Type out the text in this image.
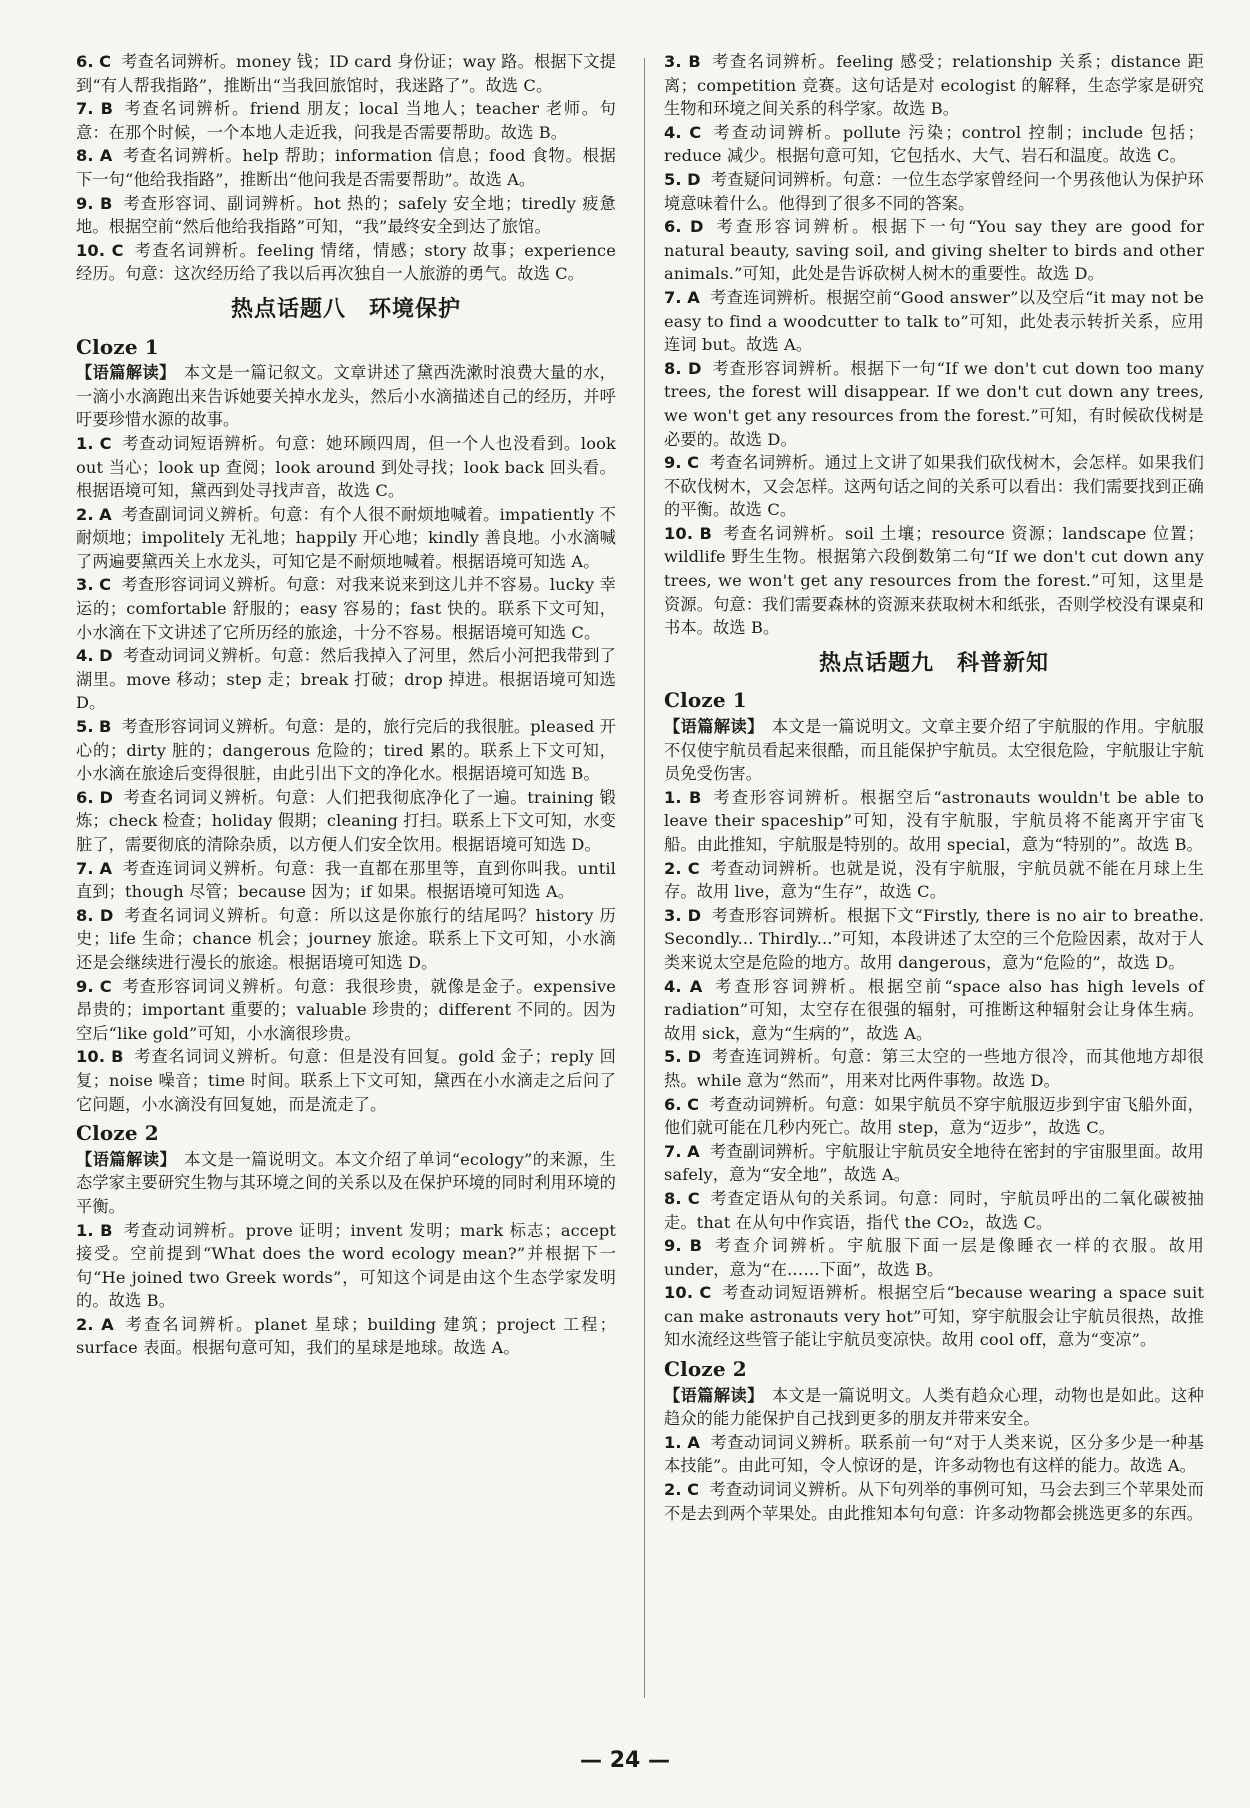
6. C 考查名词辨析。money 钱；ID card 身份证；way 路。根据下文提到“有人帮我指路”，推断出“当我回旅馆时，我迷路了”。故选 C。

7. B 考查名词辨析。friend 朋友；local 当地人；teacher 老师。句意：在那个时候，一个本地人走近我，问我是否需要帮助。故选 B。

8. A 考查名词辨析。help 帮助；information 信息；food 食物。根据下一句“他给我指路”，推断出“他问我是否需要帮助”。故选 A。

9. B 考查形容词、副词辨析。hot 热的；safely 安全地；tiredly 疲惫地。根据空前“然后他给我指路”可知，“我”最终安全到达了旅馆。

10. C 考查名词辨析。feeling 情绪，情感；story 故事；experience 经历。句意：这次经历给了我以后再次独自一人旅游的勇气。故选 C。

热点话题八　环境保护
Cloze 1

【语篇解读】 本文是一篇记叙文。文章讲述了黛西洗漱时浪费大量的水，一滴小水滴跑出来告诉她要关掉水龙头，然后小水滴描述自己的经历，并呼吁要珍惜水源的故事。

1. C 考查动词短语辨析。句意：她环顾四周，但一个人也没看到。look out 当心；look up 查阅；look around 到处寻找；look back 回头看。根据语境可知，黛西到处寻找声音，故选 C。

2. A 考查副词词义辨析。句意：有个人很不耐烦地喊着。impatiently 不耐烦地；impolitely 无礼地；happily 开心地；kindly 善良地。小水滴喊了两遍要黛西关上水龙头，可知它是不耐烦地喊着。根据语境可知选 A。

3. C 考查形容词词义辨析。句意：对我来说来到这儿并不容易。lucky 幸运的；comfortable 舒服的；easy 容易的；fast 快的。联系下文可知，小水滴在下文讲述了它所历经的旅途，十分不容易。根据语境可知选 C。

4. D 考查动词词义辨析。句意：然后我掉入了河里，然后小河把我带到了湖里。move 移动；step 走；break 打破；drop 掉进。根据语境可知选 D。

5. B 考查形容词词义辨析。句意：是的，旅行完后的我很脏。pleased 开心的；dirty 脏的；dangerous 危险的；tired 累的。联系上下文可知，小水滴在旅途后变得很脏，由此引出下文的净化水。根据语境可知选 B。

6. D 考查名词词义辨析。句意：人们把我彻底净化了一遍。training 锻炼；check 检查；holiday 假期；cleaning 打扫。联系上下文可知，水变脏了，需要彻底的清除杂质，以方便人们安全饮用。根据语境可知选 D。

7. A 考查连词词义辨析。句意：我一直都在那里等，直到你叫我。until 直到；though 尽管；because 因为；if 如果。根据语境可知选 A。

8. D 考查名词词义辨析。句意：所以这是你旅行的结尾吗？history 历史；life 生命；chance 机会；journey 旅途。联系上下文可知，小水滴还是会继续进行漫长的旅途。根据语境可知选 D。

9. C 考查形容词词义辨析。句意：我很珍贵，就像是金子。expensive 昂贵的；important 重要的；valuable 珍贵的；different 不同的。因为空后“like gold”可知，小水滴很珍贵。

10. B 考查名词词义辨析。句意：但是没有回复。gold 金子；reply 回复；noise 噪音；time 时间。联系上下文可知，黛西在小水滴走之后问了它问题，小水滴没有回复她，而是流走了。

Cloze 2

【语篇解读】 本文是一篇说明文。本文介绍了单词“ecology”的来源，生态学家主要研究生物与其环境之间的关系以及在保护环境的同时利用环境的平衡。

1. B 考查动词辨析。prove 证明；invent 发明；mark 标志；accept 接受。空前提到“What does the word ecology mean?”并根据下一句“He joined two Greek words”，可知这个词是由这个生态学家发明的。故选 B。

2. A 考查名词辨析。planet 星球；building 建筑；project 工程；surface 表面。根据句意可知，我们的星球是地球。故选 A。

3. B 考查名词辨析。feeling 感受；relationship 关系；distance 距离；competition 竞赛。这句话是对 ecologist 的解释，生态学家是研究生物和环境之间关系的科学家。故选 B。

4. C 考查动词辨析。pollute 污染；control 控制；include 包括；reduce 减少。根据句意可知，它包括水、大气、岩石和温度。故选 C。

5. D 考查疑问词辨析。句意：一位生态学家曾经问一个男孩他认为保护环境意味着什么。他得到了很多不同的答案。

6. D 考查形容词辨析。根据下一句“You say they are good for natural beauty, saving soil, and giving shelter to birds and other animals.”可知，此处是告诉砍树人树木的重要性。故选 D。

7. A 考查连词辨析。根据空前“Good answer”以及空后“it may not be easy to find a woodcutter to talk to”可知，此处表示转折关系，应用连词 but。故选 A。

8. D 考查形容词辨析。根据下一句“If we don't cut down too many trees, the forest will disappear. If we don't cut down any trees, we won't get any resources from the forest.”可知，有时候砍伐树是必要的。故选 D。

9. C 考查名词辨析。通过上文讲了如果我们砍伐树木，会怎样。如果我们不砍伐树木，又会怎样。这两句话之间的关系可以看出：我们需要找到正确的平衡。故选 C。

10. B 考查名词辨析。soil 土壤；resource 资源；landscape 位置；wildlife 野生生物。根据第六段倒数第二句“If we don't cut down any trees, we won't get any resources from the forest.”可知，这里是资源。句意：我们需要森林的资源来获取树木和纸张，否则学校没有课桌和书本。故选 B。

热点话题九　科普新知
Cloze 1

【语篇解读】 本文是一篇说明文。文章主要介绍了宇航服的作用。宇航服不仅使宇航员看起来很酷，而且能保护宇航员。太空很危险，宇航服让宇航员免受伤害。

1. B 考查形容词辨析。根据空后“astronauts wouldn't be able to leave their spaceship”可知，没有宇航服，宇航员将不能离开宇宙飞船。由此推知，宇航服是特别的。故用 special，意为“特别的”。故选 B。

2. C 考查动词辨析。也就是说，没有宇航服，宇航员就不能在月球上生存。故用 live，意为“生存”，故选 C。

3. D 考查形容词辨析。根据下文“Firstly, there is no air to breathe. Secondly... Thirdly...”可知，本段讲述了太空的三个危险因素，故对于人类来说太空是危险的地方。故用 dangerous，意为“危险的”，故选 D。

4. A 考查形容词辨析。根据空前“space also has high levels of radiation”可知，太空存在很强的辐射，可推断这种辐射会让身体生病。故用 sick，意为“生病的”，故选 A。

5. D 考查连词辨析。句意：第三太空的一些地方很冷，而其他地方却很热。while 意为“然而”，用来对比两件事物。故选 D。

6. C 考查动词辨析。句意：如果宇航员不穿宇航服迈步到宇宙飞船外面，他们就可能在几秒内死亡。故用 step，意为“迈步”，故选 C。

7. A 考查副词辨析。宇航服让宇航员安全地待在密封的宇宙服里面。故用 safely，意为“安全地”，故选 A。

8. C 考查定语从句的关系词。句意：同时，宇航员呼出的二氧化碳被抽走。that 在从句中作宾语，指代 the CO₂，故选 C。

9. B 考查介词辨析。宇航服下面一层是像睡衣一样的衣服。故用 under，意为“在……下面”，故选 B。

10. C 考查动词短语辨析。根据空后“because wearing a space suit can make astronauts very hot”可知，穿宇航服会让宇航员很热，故推知水流经这些管子能让宇航员变凉快。故用 cool off，意为“变凉”。

Cloze 2

【语篇解读】 本文是一篇说明文。人类有趋众心理，动物也是如此。这种趋众的能力能保护自己找到更多的朋友并带来安全。

1. A 考查动词词义辨析。联系前一句“对于人类来说，区分多少是一种基本技能”。由此可知，令人惊讶的是，许多动物也有这样的能力。故选 A。

2. C 考查动词词义辨析。从下句列举的事例可知，马会去到三个苹果处而不是去到两个苹果处。由此推知本句句意：许多动物都会挑选更多的东西。

— 24 —
